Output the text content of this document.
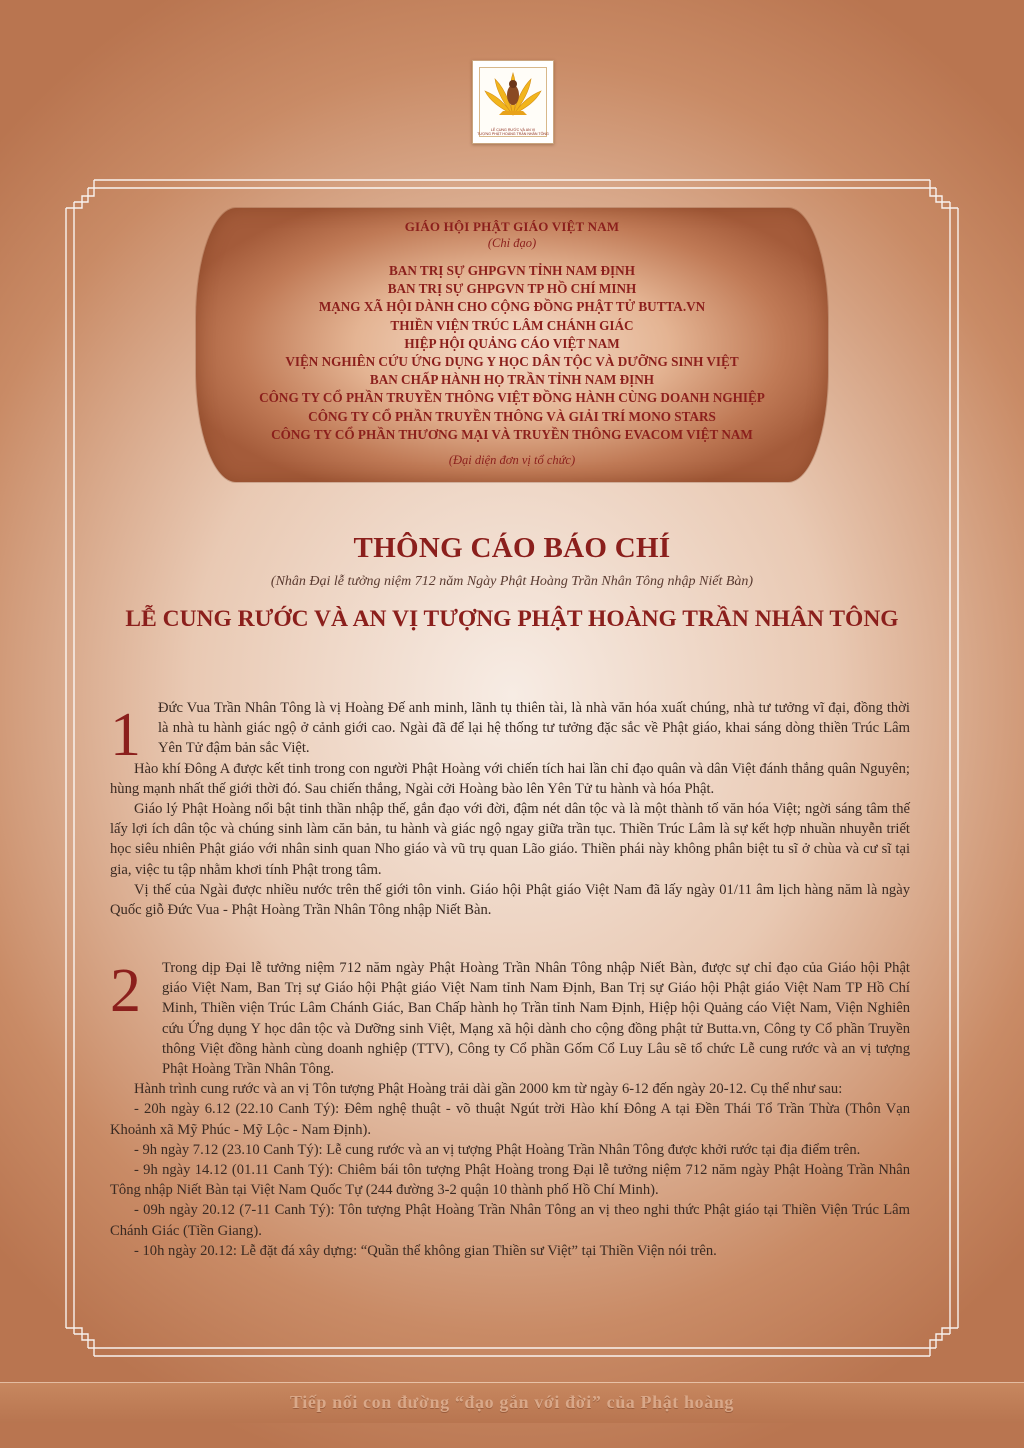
LỄ CUNG RƯỚC VÀ AN VỊ
TƯỢNG PHẬT HOÀNG TRẦN NHÂN TÔNG
GIÁO HỘI PHẬT GIÁO VIỆT NAM
(Chỉ đạo)
BAN TRỊ SỰ GHPGVN TỈNH NAM ĐỊNH
BAN TRỊ SỰ GHPGVN TP HỒ CHÍ MINH
MẠNG XÃ HỘI DÀNH CHO CỘNG ĐỒNG PHẬT TỬ BUTTA.VN
THIỀN VIỆN TRÚC LÂM CHÁNH GIÁC
HIỆP HỘI QUẢNG CÁO VIỆT NAM
VIỆN NGHIÊN CỨU ỨNG DỤNG Y HỌC DÂN TỘC VÀ DƯỠNG SINH VIỆT
BAN CHẤP HÀNH HỌ TRẦN TỈNH NAM ĐỊNH
CÔNG TY CỔ PHẦN TRUYỀN THÔNG VIỆT ĐỒNG HÀNH CÙNG DOANH NGHIỆP
CÔNG TY CỔ PHẦN TRUYỀN THÔNG VÀ GIẢI TRÍ MONO STARS
CÔNG TY CỔ PHẦN THƯƠNG MẠI VÀ TRUYỀN THÔNG EVACOM VIỆT NAM
(Đại diện đơn vị tổ chức)
THÔNG CÁO BÁO CHÍ
(Nhân Đại lễ tưởng niệm 712 năm Ngày Phật Hoàng Trần Nhân Tông nhập Niết Bàn)
LỄ CUNG RƯỚC VÀ AN VỊ TƯỢNG PHẬT HOÀNG TRẦN NHÂN TÔNG
1 Đức Vua Trần Nhân Tông là vị Hoàng Đế anh minh, lãnh tụ thiên tài, là nhà văn hóa xuất chúng, nhà tư tưởng vĩ đại, đồng thời là nhà tu hành giác ngộ ở cảnh giới cao. Ngài đã để lại hệ thống tư tưởng đặc sắc về Phật giáo, khai sáng dòng thiền Trúc Lâm Yên Tử đậm bản sắc Việt.

Hào khí Đông A được kết tinh trong con người Phật Hoàng với chiến tích hai lần chỉ đạo quân và dân Việt đánh thắng quân Nguyên; hùng mạnh nhất thế giới thời đó. Sau chiến thắng, Ngài cởi Hoàng bào lên Yên Tử tu hành và hóa Phật.

Giáo lý Phật Hoàng nổi bật tinh thần nhập thế, gắn đạo với đời, đậm nét dân tộc và là một thành tố văn hóa Việt; ngời sáng tâm thế lấy lợi ích dân tộc và chúng sinh làm căn bản, tu hành và giác ngộ ngay giữa trần tục. Thiền Trúc Lâm là sự kết hợp nhuần nhuyễn triết học siêu nhiên Phật giáo với nhân sinh quan Nho giáo và vũ trụ quan Lão giáo. Thiền phái này không phân biệt tu sĩ ở chùa và cư sĩ tại gia, việc tu tập nhằm khơi tính Phật trong tâm.

Vị thế của Ngài được nhiều nước trên thế giới tôn vinh. Giáo hội Phật giáo Việt Nam đã lấy ngày 01/11 âm lịch hàng năm là ngày Quốc giỗ Đức Vua - Phật Hoàng Trần Nhân Tông nhập Niết Bàn.

2 Trong dịp Đại lễ tưởng niệm 712 năm ngày Phật Hoàng Trần Nhân Tông nhập Niết Bàn, được sự chỉ đạo của Giáo hội Phật giáo Việt Nam, Ban Trị sự Giáo hội Phật giáo Việt Nam tỉnh Nam Định, Ban Trị sự Giáo hội Phật giáo Việt Nam TP Hồ Chí Minh, Thiền viện Trúc Lâm Chánh Giác, Ban Chấp hành họ Trần tỉnh Nam Định, Hiệp hội Quảng cáo Việt Nam, Viện Nghiên cứu Ứng dụng Y học dân tộc và Dưỡng sinh Việt, Mạng xã hội dành cho cộng đồng phật tử Butta.vn, Công ty Cổ phần Truyền thông Việt đồng hành cùng doanh nghiệp (TTV), Công ty Cổ phần Gốm Cổ Luy Lâu sẽ tổ chức Lễ cung rước và an vị tượng Phật Hoàng Trần Nhân Tông.

Hành trình cung rước và an vị Tôn tượng Phật Hoàng trải dài gần 2000 km từ ngày 6-12 đến ngày 20-12. Cụ thể như sau:

- 20h ngày 6.12 (22.10 Canh Tý): Đêm nghệ thuật - võ thuật Ngút trời Hào khí Đông A tại Đền Thái Tổ Trần Thừa (Thôn Vạn Khoảnh xã Mỹ Phúc - Mỹ Lộc - Nam Định).

- 9h ngày 7.12 (23.10 Canh Tý): Lễ cung rước và an vị tượng Phật Hoàng Trần Nhân Tông được khởi rước tại địa điểm trên.

- 9h ngày 14.12 (01.11 Canh Tý): Chiêm bái tôn tượng Phật Hoàng trong Đại lễ tưởng niệm 712 năm ngày Phật Hoàng Trần Nhân Tông nhập Niết Bàn tại Việt Nam Quốc Tự (244 đường 3-2 quận 10 thành phố Hồ Chí Minh).

- 09h ngày 20.12 (7-11 Canh Tý): Tôn tượng Phật Hoàng Trần Nhân Tông an vị theo nghi thức Phật giáo tại Thiền Viện Trúc Lâm Chánh Giác (Tiền Giang).

- 10h ngày 20.12: Lễ đặt đá xây dựng: “Quần thể không gian Thiền sư Việt” tại Thiền Viện nói trên.

Tiếp nối con đường “đạo gắn với đời” của Phật hoàng
